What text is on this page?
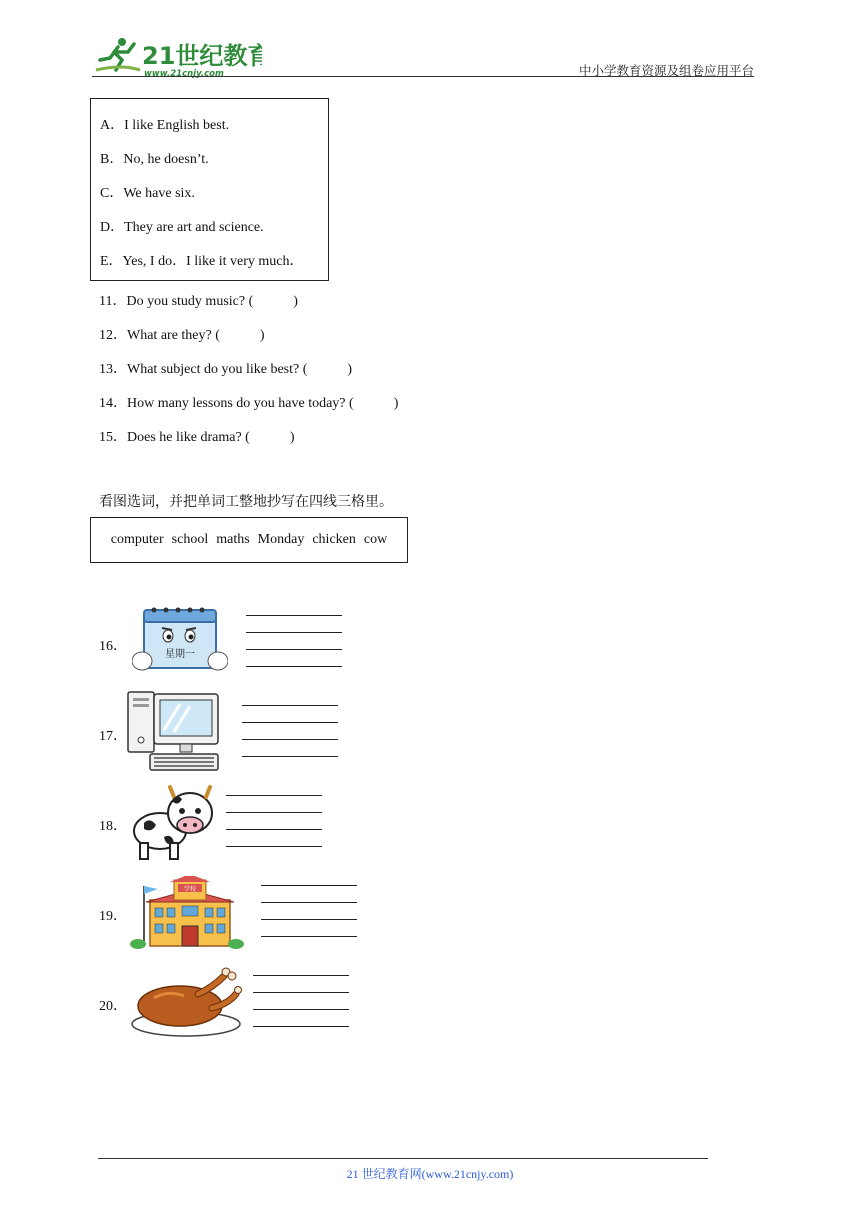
21世纪教育
www.21cnjy.com	中小学教育资源及组卷应用平台
A．I like English best.
B．No, he doesn’t.
C．We have six.
D．They are art and science.
E．Yes, I do．I like it very much．
11．Do you study music? (	)
12．What are they? (	)
13．What subject do you like best? (	)
14．How many lessons do you have today? (	)
15．Does he like drama? (	)
看图选词，并把单词工整地抄写在四线三格里。
computer school maths Monday chicken cow
16．
星期一
17．
18．
19．
学校
20．
21 世纪教育网(www.21cnjy.com)
